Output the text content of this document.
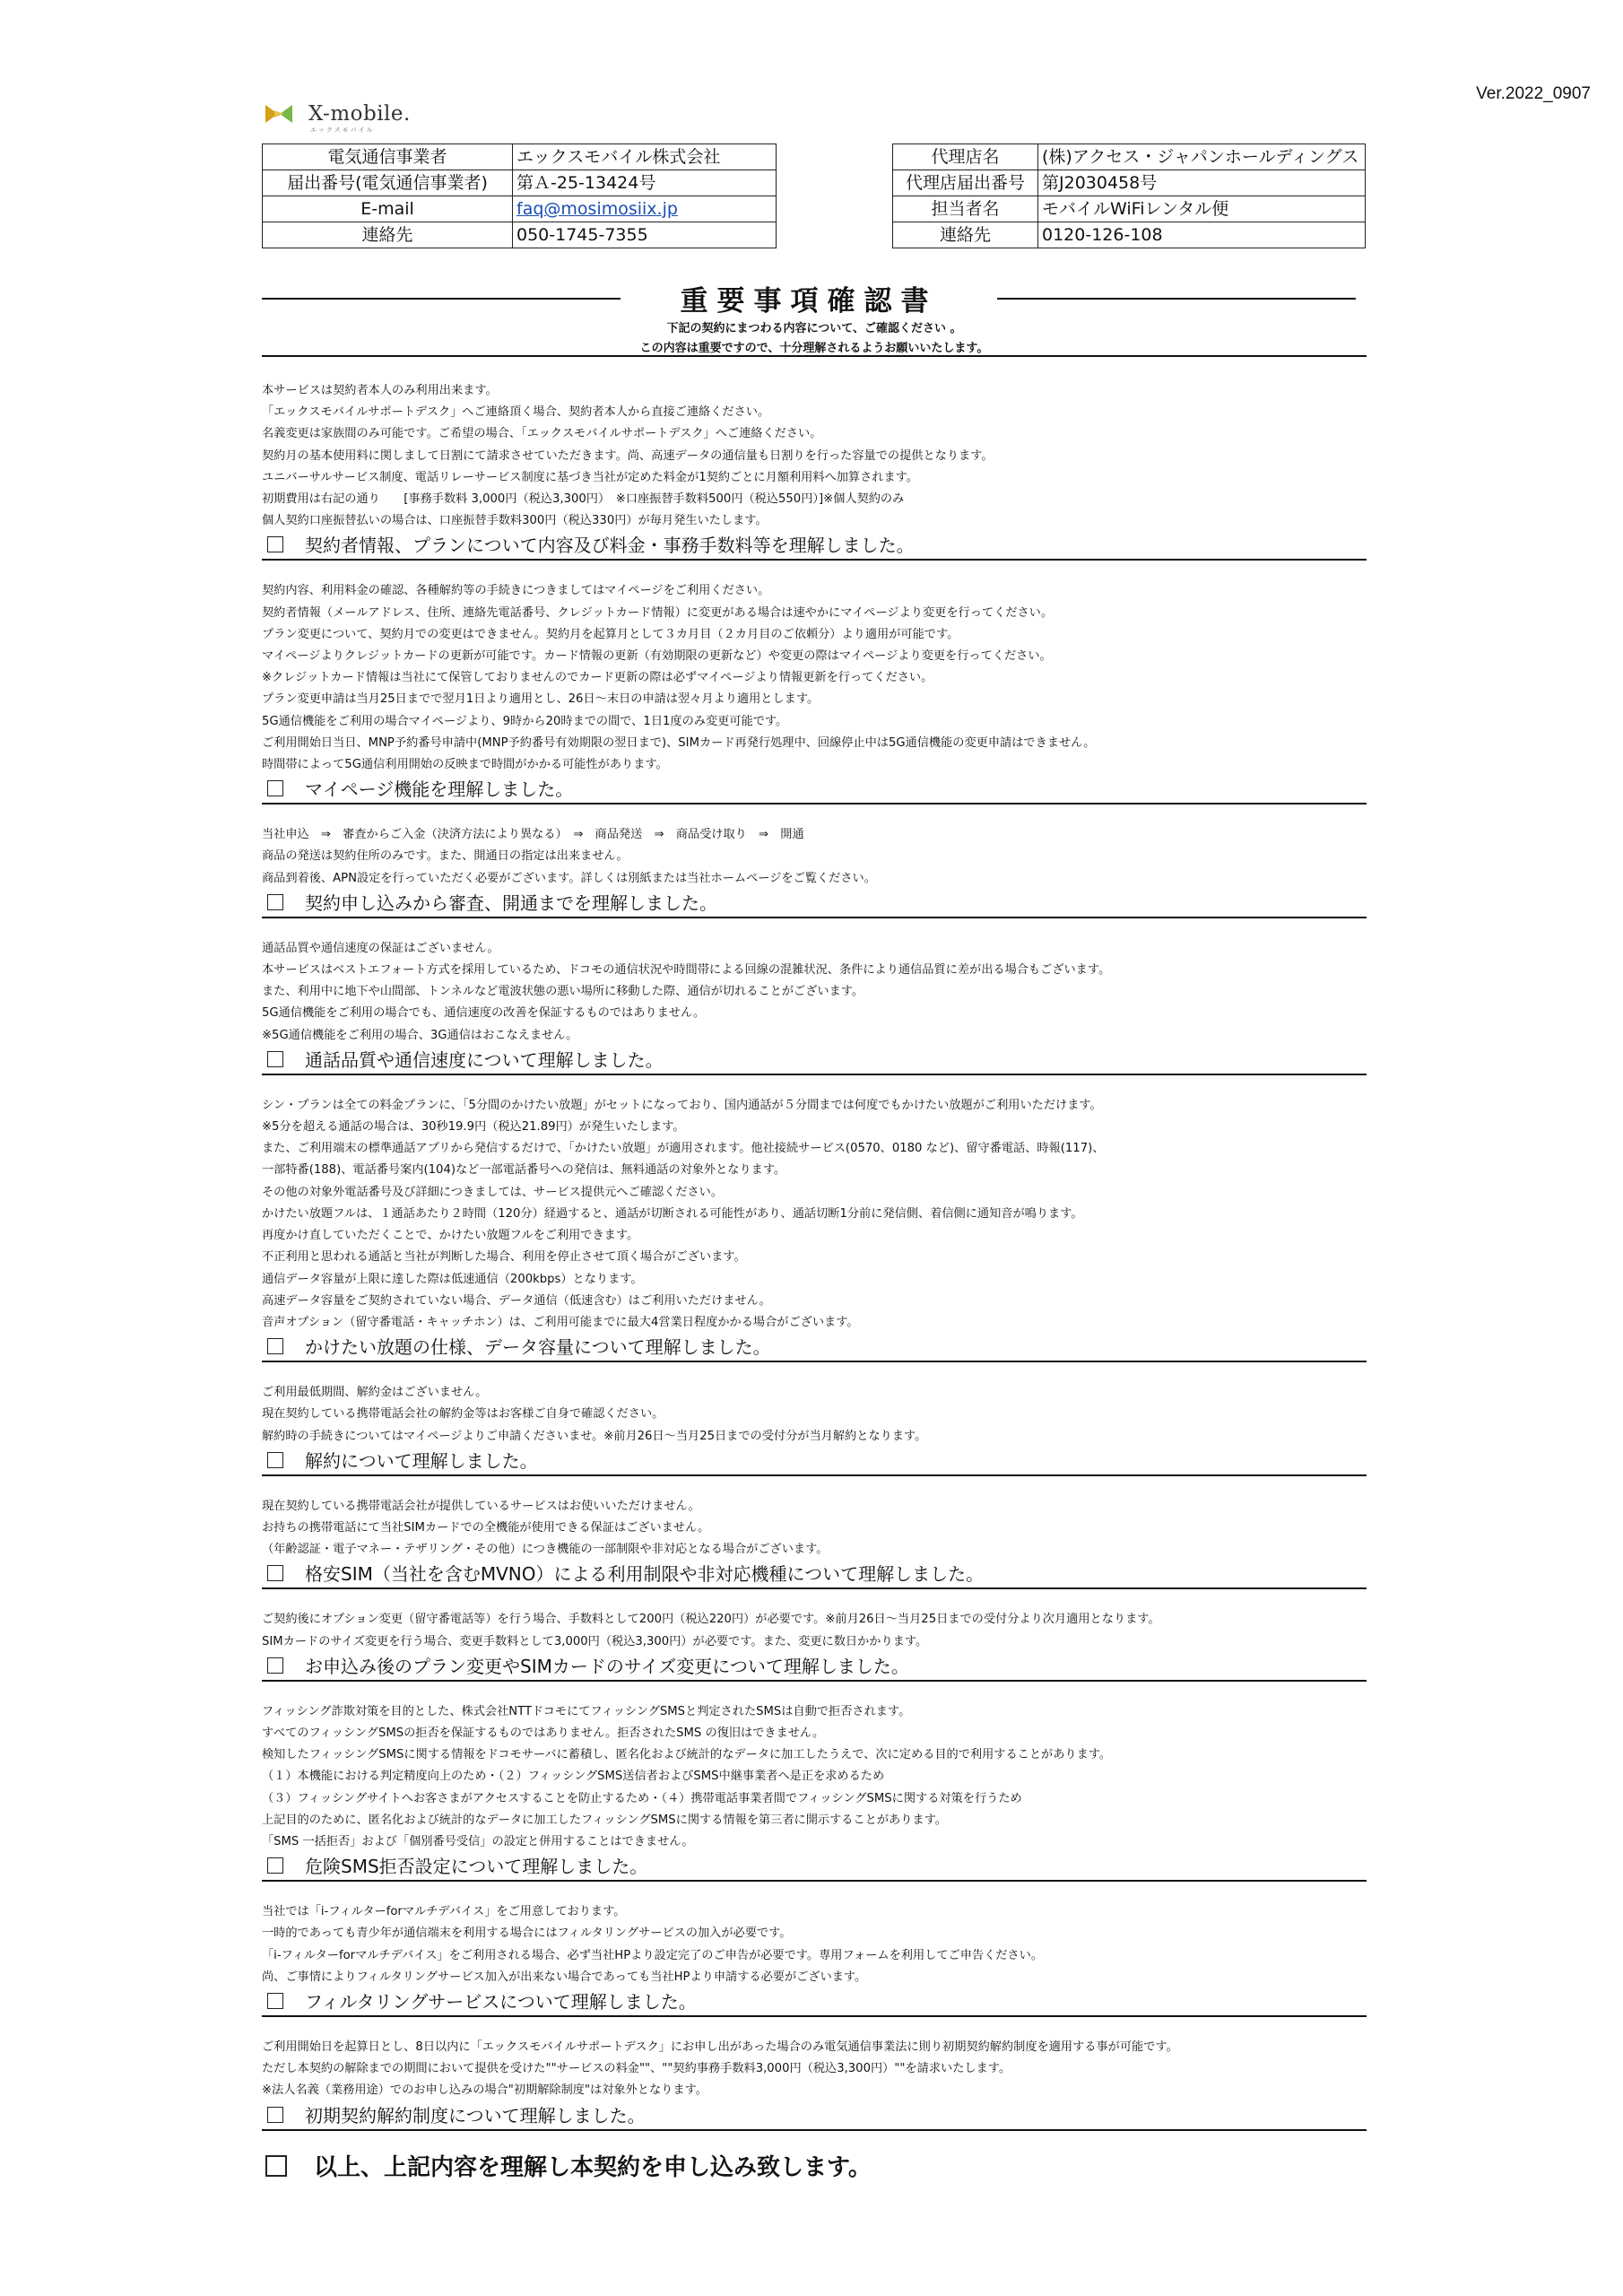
Ver.2022_0907
X-mobile.
エックスモバイル
電気通信事業者	エックスモバイル株式会社
届出番号(電気通信事業者)	第Ａ-25-13424号
E-mail	faq@mosimosiix.jp
連絡先	050-1745-7355
代理店名	(株)アクセス・ジャパンホールディングス
代理店届出番号	第J2030458号
担当者名	モバイルWiFiレンタル便
連絡先	0120-126-108
重要事項確認書
下記の契約にまつわる内容について、ご確認ください 。
この内容は重要ですので、十分理解されるようお願いいたします。

本サービスは契約者本人のみ利用出来ます。

「エックスモバイルサポートデスク」へご連絡頂く場合、契約者本人から直接ご連絡ください。

名義変更は家族間のみ可能です。ご希望の場合、「エックスモバイルサポートデスク」へご連絡ください。

契約月の基本使用料に関しまして日割にて請求させていただきます。尚、高速データの通信量も日割りを行った容量での提供となります。

ユニバーサルサービス制度、電話リレーサービス制度に基づき当社が定めた料金が1契約ごとに月額利用料へ加算されます。

初期費用は右記の通り　　[事務手数料 3,000円（税込3,300円）　※口座振替手数料500円（税込550円）]※個人契約のみ

個人契約口座振替払いの場合は、口座振替手数料300円（税込330円）が毎月発生いたします。

契約者情報、プランについて内容及び料金・事務手数料等を理解しました。

契約内容、利用料金の確認、各種解約等の手続きにつきましてはマイページをご利用ください。

契約者情報（メールアドレス、住所、連絡先電話番号、クレジットカード情報）に変更がある場合は速やかにマイページより変更を行ってください。

プラン変更について、契約月での変更はできません。契約月を起算月として３カ月目（２カ月目のご依頼分）より適用が可能です。

マイページよりクレジットカードの更新が可能です。カード情報の更新（有効期限の更新など）や変更の際はマイページより変更を行ってください。

※クレジットカード情報は当社にて保管しておりませんのでカード更新の際は必ずマイページより情報更新を行ってください。

プラン変更申請は当月25日までで翌月1日より適用とし、26日～末日の申請は翌々月より適用とします。

5G通信機能をご利用の場合マイページより、9時から20時までの間で、1日1度のみ変更可能です。

ご利用開始日当日、MNP予約番号申請中(MNP予約番号有効期限の翌日まで)、SIMカード再発行処理中、回線停止中は5G通信機能の変更申請はできません。

時間帯によって5G通信利用開始の反映まで時間がかかる可能性があります。

マイページ機能を理解しました。

当社申込　⇒　審査からご入金（決済方法により異なる）　⇒　商品発送　⇒　商品受け取り　⇒　開通

商品の発送は契約住所のみです。また、開通日の指定は出来ません。

商品到着後、APN設定を行っていただく必要がございます。詳しくは別紙または当社ホームページをご覧ください。

契約申し込みから審査、開通までを理解しました。

通話品質や通信速度の保証はございません。

本サービスはベストエフォート方式を採用しているため、ドコモの通信状況や時間帯による回線の混雑状況、条件により通信品質に差が出る場合もございます。

また、利用中に地下や山間部、トンネルなど電波状態の悪い場所に移動した際、通信が切れることがございます。

5G通信機能をご利用の場合でも、通信速度の改善を保証するものではありません。

※5G通信機能をご利用の場合、3G通信はおこなえません。

通話品質や通信速度について理解しました。

シン・プランは全ての料金プランに、「5分間のかけたい放題」がセットになっており、国内通話が５分間までは何度でもかけたい放題がご利用いただけます。

※5分を超える通話の場合は、30秒19.9円（税込21.89円）が発生いたします。

また、ご利用端末の標準通話アプリから発信するだけで、「かけたい放題」が適用されます。他社接続サービス(0570、0180 など)、留守番電話、時報(117)、

一部特番(188)、電話番号案内(104)など一部電話番号への発信は、無料通話の対象外となります。

その他の対象外電話番号及び詳細につきましては、サービス提供元へご確認ください。

かけたい放題フルは、１通話あたり２時間（120分）経過すると、通話が切断される可能性があり、通話切断1分前に発信側、着信側に通知音が鳴ります。

再度かけ直していただくことで、かけたい放題フルをご利用できます。

不正利用と思われる通話と当社が判断した場合、利用を停止させて頂く場合がございます。

通信データ容量が上限に達した際は低速通信（200kbps）となります。

高速データ容量をご契約されていない場合、データ通信（低速含む）はご利用いただけません。

音声オプション（留守番電話・キャッチホン）は、ご利用可能までに最大4営業日程度かかる場合がございます。

かけたい放題の仕様、データ容量について理解しました。

ご利用最低期間、解約金はございません。

現在契約している携帯電話会社の解約金等はお客様ご自身で確認ください。

解約時の手続きについてはマイページよりご申請くださいませ。※前月26日～当月25日までの受付分が当月解約となります。

解約について理解しました。

現在契約している携帯電話会社が提供しているサービスはお使いいただけません。

お持ちの携帯電話にて当社SIMカードでの全機能が使用できる保証はございません。

（年齢認証・電子マネー・テザリング・その他）につき機能の一部制限や非対応となる場合がございます。

格安SIM（当社を含むMVNO）による利用制限や非対応機種について理解しました。

ご契約後にオプション変更（留守番電話等）を行う場合、手数料として200円（税込220円）が必要です。※前月26日～当月25日までの受付分より次月適用となります。

SIMカードのサイズ変更を行う場合、変更手数料として3,000円（税込3,300円）が必要です。また、変更に数日かかります。

お申込み後のプラン変更やSIMカードのサイズ変更について理解しました。

フィッシング詐欺対策を目的とした、株式会社NTTドコモにてフィッシングSMSと判定されたSMSは自動で拒否されます。

すべてのフィッシングSMSの拒否を保証するものではありません。拒否されたSMS の復旧はできません。

検知したフィッシングSMSに関する情報をドコモサーバに蓄積し、匿名化および統計的なデータに加工したうえで、次に定める目的で利用することがあります。

（１）本機能における判定精度向上のため・（２）フィッシングSMS送信者およびSMS中継事業者へ是正を求めるため

（３）フィッシングサイトへお客さまがアクセスすることを防止するため・（４）携帯電話事業者間でフィッシングSMSに関する対策を行うため

上記目的のために、匿名化および統計的なデータに加工したフィッシングSMSに関する情報を第三者に開示することがあります。

「SMS 一括拒否」および「個別番号受信」の設定と併用することはできません。

危険SMS拒否設定について理解しました。

当社では「i-フィルターforマルチデバイス」をご用意しております。

一時的であっても青少年が通信端末を利用する場合にはフィルタリングサービスの加入が必要です。

「i-フィルターforマルチデバイス」をご利用される場合、必ず当社HPより設定完了のご申告が必要です。専用フォームを利用してご申告ください。

尚、ご事情によりフィルタリングサービス加入が出来ない場合であっても当社HPより申請する必要がございます。

フィルタリングサービスについて理解しました。

ご利用開始日を起算日とし、8日以内に「エックスモバイルサポートデスク」にお申し出があった場合のみ電気通信事業法に則り初期契約解約制度を適用する事が可能です。

ただし本契約の解除までの期間において提供を受けた""サービスの料金""、""契約事務手数料3,000円（税込3,300円）""を請求いたします。

※法人名義（業務用途）でのお申し込みの場合"初期解除制度"は対象外となります。

初期契約解約制度について理解しました。
以上、上記内容を理解し本契約を申し込み致します。
